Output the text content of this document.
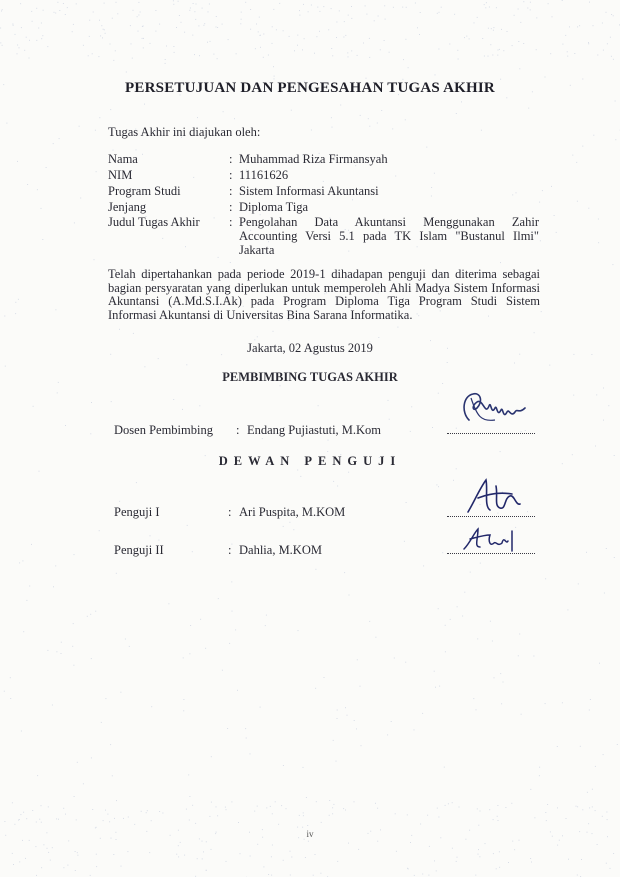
PERSETUJUAN DAN PENGESAHAN TUGAS AKHIR
Tugas Akhir ini diajukan oleh:
Nama	: Muhammad Riza Firmansyah
NIM	: 11161626
Program Studi	: Sistem Informasi Akuntansi
Jenjang	: Diploma Tiga
Judul Tugas Akhir : Pengolahan Data Akuntansi Menggunakan Zahir Accounting Versi 5.1 pada TK Islam "Bustanul Ilmi" Jakarta
Telah dipertahankan pada periode 2019-1 dihadapan penguji dan diterima sebagai bagian persyaratan yang diperlukan untuk memperoleh Ahli Madya Sistem Informasi Akuntansi (A.Md.S.I.Ak) pada Program Diploma Tiga Program Studi Sistem Informasi Akuntansi di Universitas Bina Sarana Informatika.
Jakarta, 02 Agustus 2019
PEMBIMBING TUGAS AKHIR
Dosen Pembimbing : Endang Pujiastuti, M.Kom
DEWAN PENGUJI
Penguji I	: Ari Puspita, M.KOM
Penguji II	: Dahlia, M.KOM
iv
